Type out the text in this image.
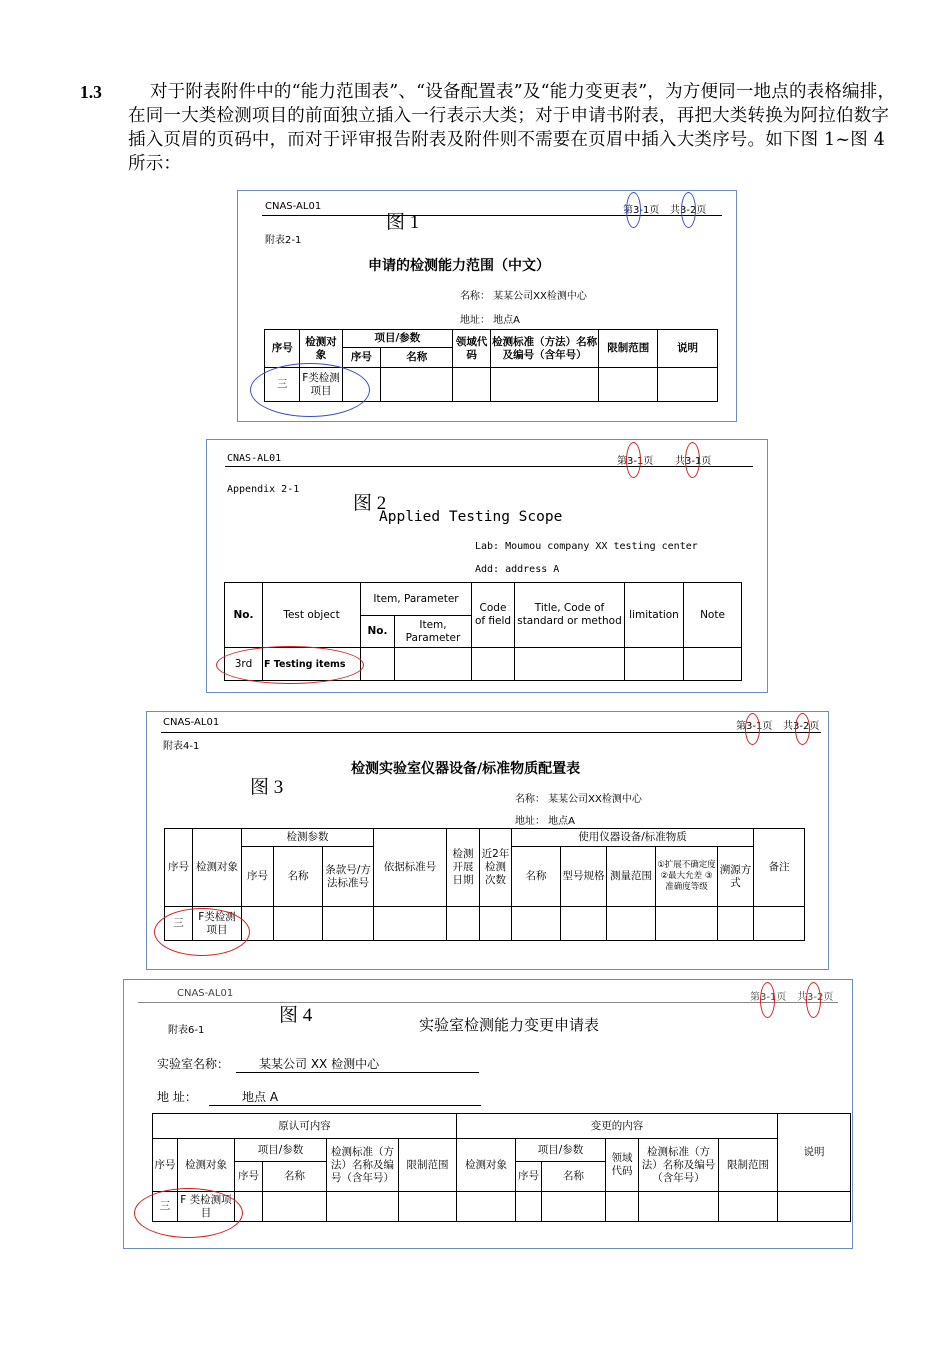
1.3	对于附表附件中的“能力范围表”、“设备配置表”及“能力变更表”，为方便同一地点的表格编排，在同一大类检测项目的前面独立插入一行表示大类；对于申请书附表，再把大类转换为阿拉伯数字插入页眉的页码中，而对于评审报告附表及附件则不需要在页眉中插入大类序号。如下图 1~图 4 所示：
CNAS-AL01
图 1
第3-1页 共3-2页
附表2-1
申请的检测能力范围（中文）
名称： 某某公司XX检测中心
地址： 地点A
序号	检测对象	项目/参数		领域代码	检测标准（方法）名称及编号（含年号）	限制范围	说明
		序号	名称				
三	F类检测项目						
CNAS-AL01	第3-1页 共3-1页
Appendix 2-1
图 2
Applied Testing Scope
Lab: Moumou company XX testing center
Add: address A
No.	Test object	Item, Parameter		Code of field	Title, Code of standard or method	limitation	Note
		No.	Item, Parameter				
3rd	F Testing items						
CNAS-AL01	第3-1页 共3-2页
附表4-1
检测实验室仪器设备/标准物质配置表
图 3
名称： 某某公司XX检测中心
地址： 地点A
序号	检测对象	检测参数			依据标准号	检测开展日期	近2年检测次数	使用仪器设备/标准物质					备注
		序号	名称	条款号/方法标准号				名称	型号规格	测量范围	①扩展不确定度 ②最大允差 ③准确度等级	溯源方式	
三	F类检测项目												
CNAS-AL01	第3-1页 共3-2页
图 4
附表6-1	实验室检测能力变更申请表
实验室名称： 某某公司 XX 检测中心
地 址：	地点 A
原认可内容						变更的内容						说明
序号	检测对象	项目/参数		检测标准（方法）名称及编号（含年号）	限制范围	检测对象	项目/参数		领域代码	检测标准（方法）名称及编号（含年号）	限制范围	
		序号	名称				序号	名称				
三	F 类检测项目											
